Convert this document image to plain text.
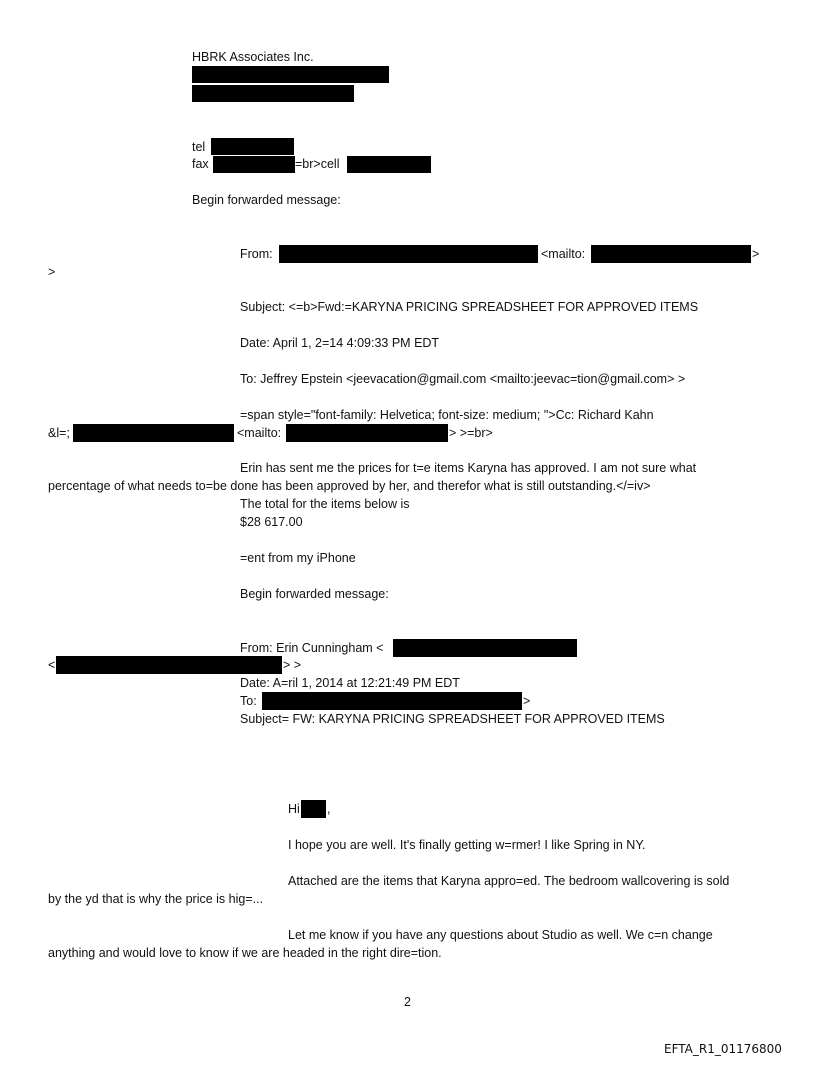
HBRK Associates Inc.
tel
fax	=br>cell
Begin forwarded message:
From:	<mailto:	>
>
Subject: <=b>Fwd:=KARYNA PRICING SPREADSHEET FOR APPROVED ITEMS
Date: April 1, 2=14 4:09:33 PM EDT
To: Jeffrey Epstein <jeevacation@gmail.com <mailto:jeevac=tion@gmail.com> >
=span style="font-family: Helvetica; font-size: medium; ">Cc: Richard Kahn
&l=;	<mailto:	> >=br>
Erin has sent me the prices for t=e items Karyna has approved. I am not sure what
percentage of what needs to=be done has been approved by her, and therefor what is still outstanding.</=iv>
The total for the items below is
$28 617.00
=ent from my iPhone
Begin forwarded message:
From: Erin Cunningham <
<	> >
Date: A=ril 1, 2014 at 12:21:49 PM EDT
To:	>
Subject= FW: KARYNA PRICING SPREADSHEET FOR APPROVED ITEMS
Hi ,
I hope you are well. It's finally getting w=rmer! I like Spring in NY.
Attached are the items that Karyna appro=ed. The bedroom wallcovering is sold
by the yd that is why the price is hig=...
Let me know if you have any questions about Studio as well. We c=n change
anything and would love to know if we are headed in the right dire=tion.
2
EFTA_R1_01176800
